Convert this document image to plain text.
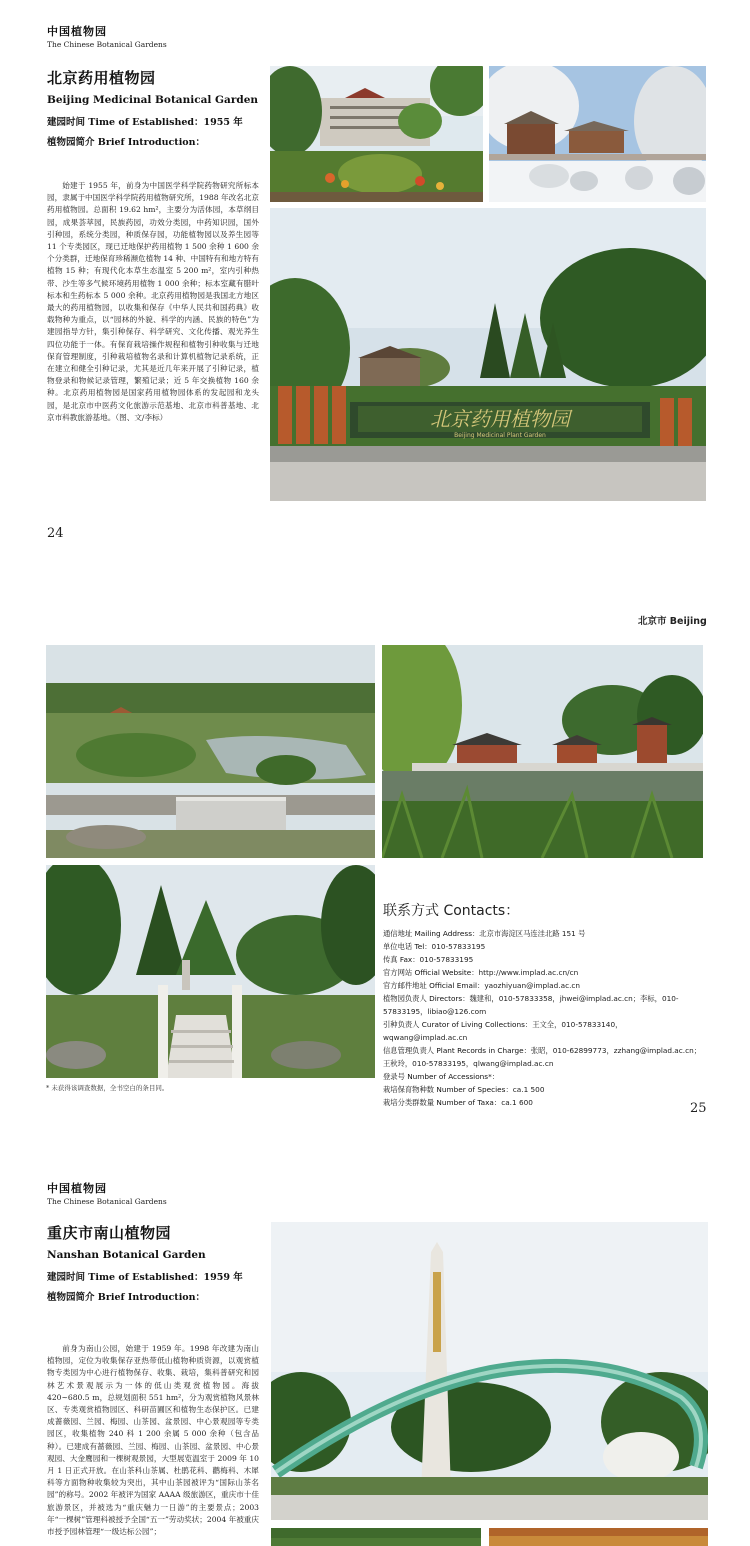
中国植物园
The Chinese Botanical Gardens
北京药用植物园
Beijing Medicinal Botanical Garden
建园时间 Time of Established：1955 年
植物园简介 Brief Introduction：
始建于 1955 年，前身为中国医学科学院药物研究所标本园，隶属于中国医学科学院药用植物研究所，1988 年改名北京药用植物园。总面积 19.62 hm²，主要分为活体园，本草纲目园，成果荟萃园，民族药园，功效分类园，中药知识园，国外引种园，系统分类园，种质保存园，功能植物园以及养生园等 11 个专类园区，现已迁地保护药用植物 1 500 余种 1 600 余个分类群，迁地保育珍稀濒危植物 14 种、中国特有和地方特有植物 15 种；有现代化本草生态温室 5 200 m²，室内引种热带、沙生等多气候环境药用植物 1 000 余种；标本室藏有腊叶标本和生药标本 5 000 余种。北京药用植物园是我国北方地区最大的药用植物园，以收集和保存《中华人民共和国药典》收载物种为重点，以“园林的外貌、科学的内涵、民族的特色”为建园指导方针，集引种保存、科学研究、文化传播、观光养生四位功能于一体。有保育栽培操作规程和植物引种收集与迁地保育管理制度，引种栽培植物名录和计算机植物记录系统，正在建立和健全引种记录，尤其是近几年来开展了引种记录，植物登录和物候记录管理，繁殖记录；近 5 年交换植物 160 余种。北京药用植物园是国家药用植物园体系的发起园和龙头园，是北京市中医药文化旅游示范基地、北京市科普基地、北京市科教旅游基地。（图、文/李标）	北京药用植物园
Beijing Medicinal Plant Garden
24
北京市 Beijing
* 未获得该调查数据，全书空白的条目同。
联系方式 Contacts：
通信地址 Mailing Address：北京市海淀区马连洼北路 151 号
单位电话 Tel：010-57833195
传真 Fax：010-57833195
官方网站 Official Website：http://www.implad.ac.cn/cn
官方邮件地址 Official Email：yaozhiyuan@implad.ac.cn
植物园负责人 Directors：魏建和，010-57833358，jhwei@implad.ac.cn；李标，010-57833195，libiao@126.com
引种负责人 Curator of Living Collections：王文全，010-57833140，wqwang@implad.ac.cn
信息管理负责人 Plant Records in Charge：张昭，010-62899773，zzhang@implad.ac.cn；王秋玲，010-57833195，qlwang@implad.ac.cn
登录号 Number of Accessions*：
栽培保育物种数 Number of Species：ca.1 500
栽培分类群数量 Number of Taxa：ca.1 600	25
中国植物园
The Chinese Botanical Gardens
重庆市南山植物园
Nanshan Botanical Garden
建园时间 Time of Established：1959 年
植物园简介 Brief Introduction：
前身为南山公园，始建于 1959 年。1998 年改建为南山植物园，定位为收集保存亚热带低山植物种质资源，以观赏植物专类园为中心进行植物保存、收集、栽培，集科普研究和园林艺术景观展示为一体的低山类观赏植物园。海拔 420~680.5 m，总规划面积 551 hm²，分为观赏植物风景林区、专类观赏植物园区、科研苗圃区和植物生态保护区。已建成蔷薇园、兰园、梅园、山茶园、盆景园、中心景观园等专类园区，收集植物 240 科 1 200 余属 5 000 余种（包含品种）。已建成有蔷薇园、兰园、梅园、山茶园、盆景园、中心景观园、大金鹰园和一棵树观景园，大型展览温室于 2009 年 10 月 1 日正式开放。在山茶科山茶属、杜鹃花科、鹳梅科、木犀科等方面物种收集较为突出，其中山茶园被评为“国际山茶名园”的称号。2002 年被评为国家 AAAA 级旅游区，重庆市十佳旅游景区，并被选为“重庆魅力一日游”的主要景点；2003 年“一棵树”管理科被授予全国“五一”劳动奖状；2004 年被重庆市授予园林管理“一级达标公园”；
